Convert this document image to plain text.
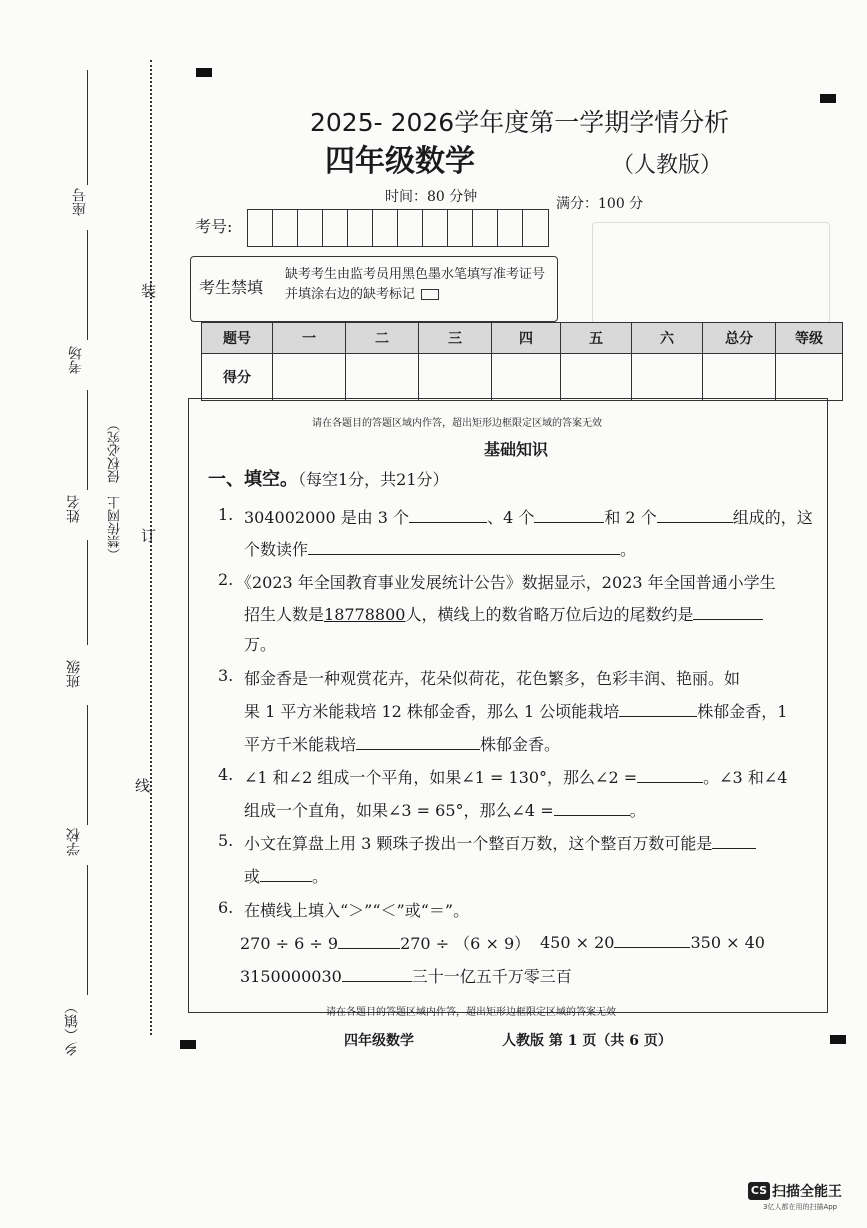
座号
考场
姓名
班级
学校
乡（镇）
（禁传网上　侵权必究）
装
订
线
2025- 2026学年度第一学期学情分析
四年级数学	（人教版）
时间：80 分钟	满分：100 分
考号:
考生禁填
缺考考生由监考员用黑色墨水笔填写准考证号并填涂右边的缺考标记
题号	一	二	三	四	五	六	总分	等级
得分								
请在各题目的答题区域内作答，超出矩形边框限定区域的答案无效
基础知识
一、填空。（每空1分，共21分）
1. 304002000 是由 3 个	、4 个	和 2 个	组成的，这
个数读作	。
2. 《2023 年全国教育事业发展统计公告》数据显示，2023 年全国普通小学生
招生人数是18778800人，横线上的数省略万位后边的尾数约是
万。
3. 郁金香是一种观赏花卉，花朵似荷花，花色繁多，色彩丰润、艳丽。如
果 1 平方米能栽培 12 株郁金香，那么 1 公顷能栽培	株郁金香，1
平方千米能栽培	株郁金香。
4. ∠1 和∠2 组成一个平角，如果∠1 = 130°，那么∠2 =	。∠3 和∠4
组成一个直角，如果∠3 = 65°，那么∠4 =	。
5. 小文在算盘上用 3 颗珠子拨出一个整百万数，这个整百万数可能是
或	。
6. 在横线上填入“＞”“＜”或“＝”。
270 ÷ 6 ÷ 9	270 ÷ （6 × 9） 450 × 20	350 × 40
3150000030	三十一亿五千万零三百
请在各题目的答题区域内作答，超出矩形边框限定区域的答案无效
四年级数学	人教版 第 1 页（共 6 页）
CS 扫描全能王
3亿人都在用的扫描App
